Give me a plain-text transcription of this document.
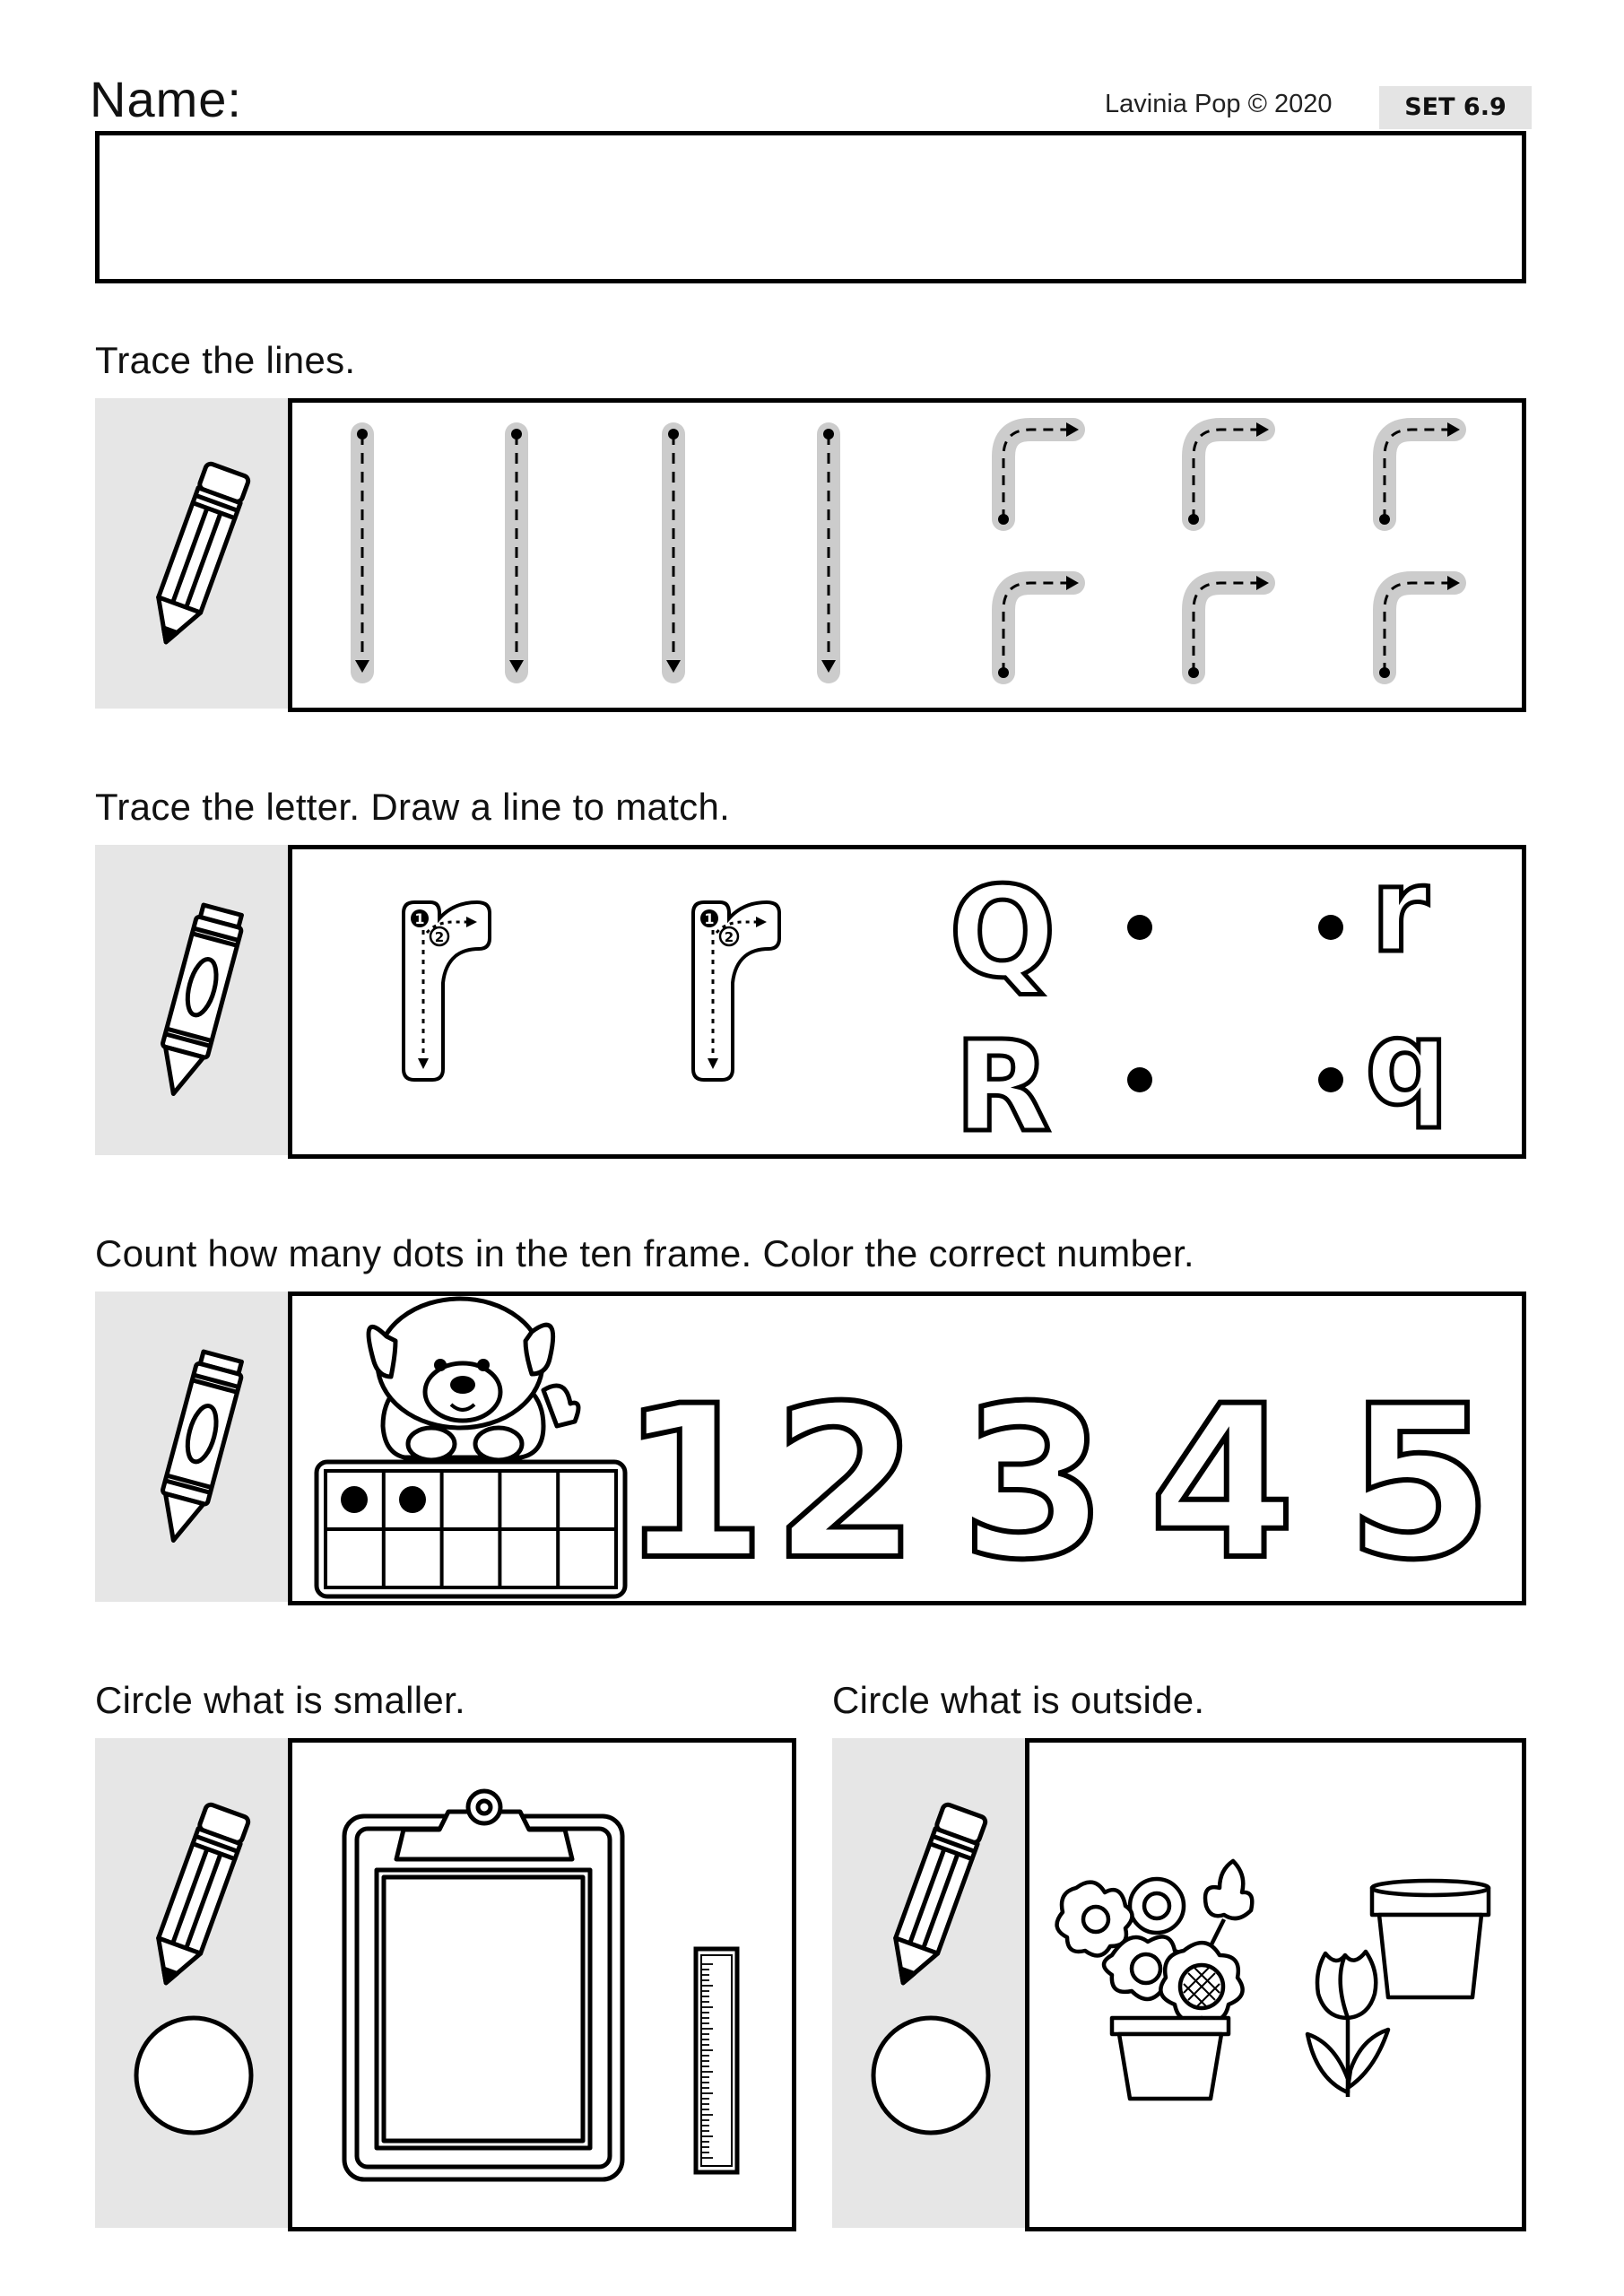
Name:	Lavinia Pop © 2020	SET 6.9
Trace the lines.
Trace the letter. Draw a line to match.
1
2
1
2 Q
R
r
q
Count how many dots in the ten frame. Color the correct number.
1 2 3 4 5
Circle what is smaller.	Circle what is outside.
